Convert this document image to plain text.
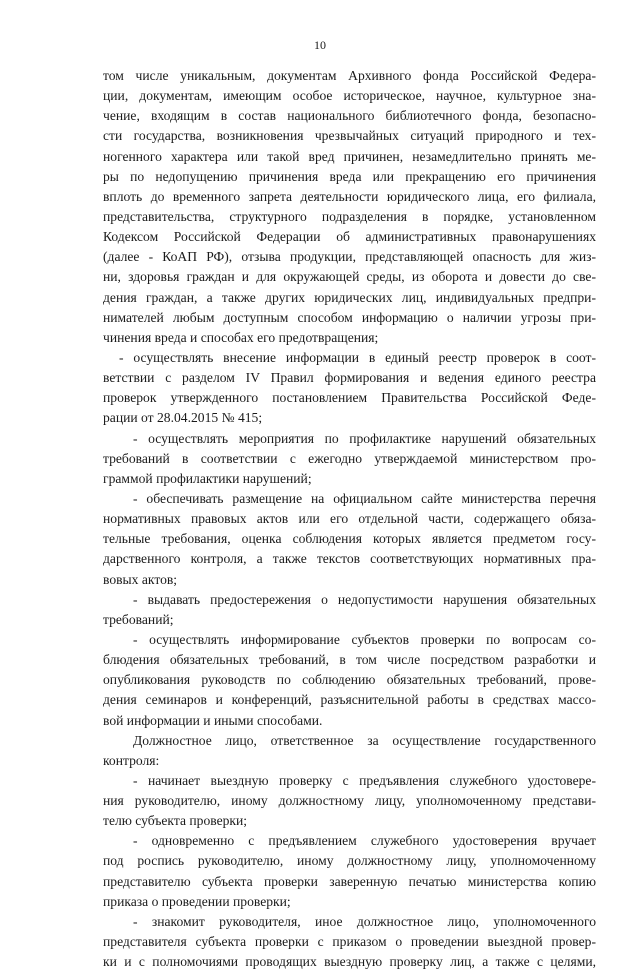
10
том числе уникальным, документам Архивного фонда Российской Федера-
ции, документам, имеющим особое историческое, научное, культурное зна-
чение, входящим в состав национального библиотечного фонда, безопасно-
сти государства, возникновения чрезвычайных ситуаций природного и тех-
ногенного характера или такой вред причинен, незамедлительно принять ме-
ры по недопущению причинения вреда или прекращению его причинения
вплоть до временного запрета деятельности юридического лица, его филиала,
представительства, структурного подразделения в порядке, установленном
Кодексом Российской Федерации об административных правонарушениях
(далее - КоАП РФ), отзыва продукции, представляющей опасность для жиз-
ни, здоровья граждан и для окружающей среды, из оборота и довести до све-
дения граждан, а также других юридических лиц, индивидуальных предпри-
нимателей любым доступным способом информацию о наличии угрозы при-
чинения вреда и способах его предотвращения;
- осуществлять внесение информации в единый реестр проверок в соот-
ветствии с разделом IV Правил формирования и ведения единого реестра
проверок утвержденного постановлением Правительства Российской Феде-
рации от 28.04.2015 № 415;
- осуществлять мероприятия по профилактике нарушений обязательных
требований в соответствии с ежегодно утверждаемой министерством про-
граммой профилактики нарушений;
- обеспечивать размещение на официальном сайте министерства перечня
нормативных правовых актов или его отдельной части, содержащего обяза-
тельные требования, оценка соблюдения которых является предметом госу-
дарственного контроля, а также текстов соответствующих нормативных пра-
вовых актов;
- выдавать предостережения о недопустимости нарушения обязательных
требований;
- осуществлять информирование субъектов проверки по вопросам со-
блюдения обязательных требований, в том числе посредством разработки и
опубликования руководств по соблюдению обязательных требований, прове-
дения семинаров и конференций, разъяснительной работы в средствах массо-
вой информации и иными способами.
Должностное лицо, ответственное за осуществление государственного
контроля:
- начинает выездную проверку с предъявления служебного удостовере-
ния руководителю, иному должностному лицу, уполномоченному представи-
телю субъекта проверки;
- одновременно с предъявлением служебного удостоверения вручает
под роспись руководителю, иному должностному лицу, уполномоченному
представителю субъекта проверки заверенную печатью министерства копию
приказа о проведении проверки;
- знакомит руководителя, иное должностное лицо, уполномоченного
представителя субъекта проверки с приказом о проведении выездной провер-
ки и с полномочиями проводящих выездную проверку лиц, а также с целями,
